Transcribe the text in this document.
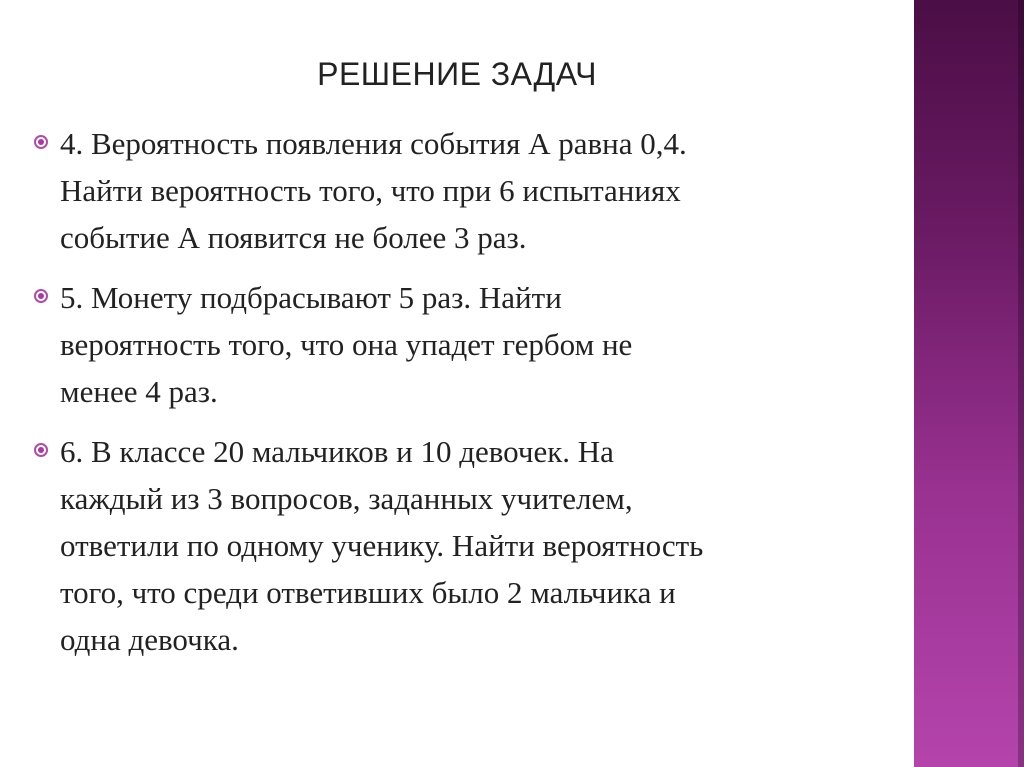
РЕШЕНИЕ ЗАДАЧ
4. Вероятность появления события А равна 0,4.
Найти вероятность того, что при 6 испытаниях
событие А появится не более 3 раз.
5. Монету подбрасывают 5 раз. Найти
вероятность того, что она упадет гербом не
менее 4 раз.
6. В классе 20 мальчиков и 10 девочек. На
каждый из 3 вопросов, заданных учителем,
ответили по одному ученику. Найти вероятность
того, что среди ответивших было 2 мальчика и
одна девочка.
